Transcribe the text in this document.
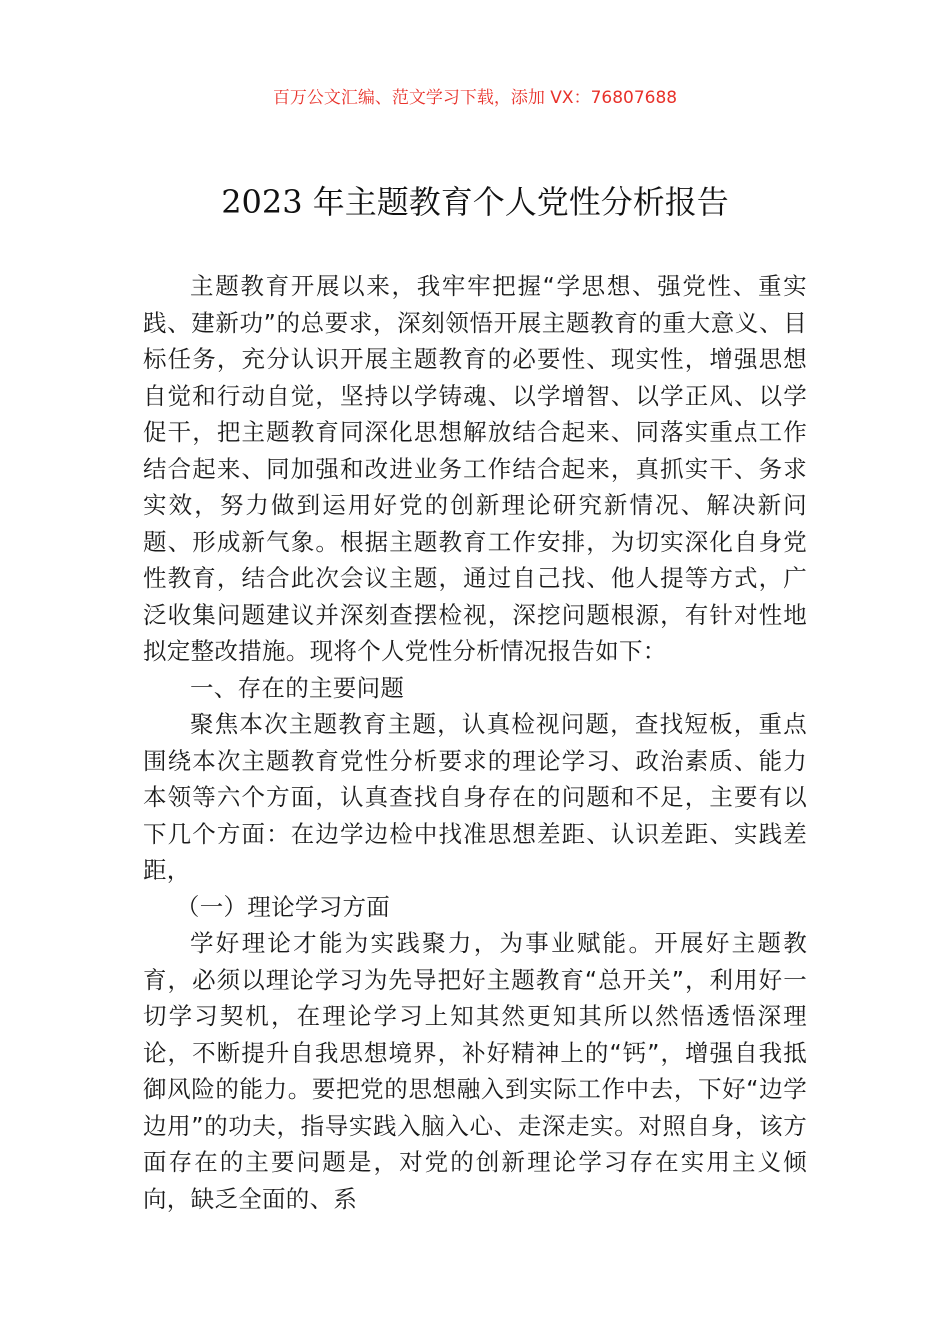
百万公文汇编、范文学习下载，添加 VX：76807688
2023 年主题教育个人党性分析报告

主题教育开展以来，我牢牢把握“学思想、强党性、重实践、建新功”的总要求，深刻领悟开展主题教育的重大意义、目标任务，充分认识开展主题教育的必要性、现实性，增强思想自觉和行动自觉，坚持以学铸魂、以学增智、以学正风、以学促干，把主题教育同深化思想解放结合起来、同落实重点工作结合起来、同加强和改进业务工作结合起来，真抓实干、务求实效，努力做到运用好党的创新理论研究新情况、解决新问题、形成新气象。根据主题教育工作安排，为切实深化自身党性教育，结合此次会议主题，通过自己找、他人提等方式，广泛收集问题建议并深刻查摆检视，深挖问题根源，有针对性地拟定整改措施。现将个人党性分析情况报告如下：

一、存在的主要问题

聚焦本次主题教育主题，认真检视问题，查找短板，重点围绕本次主题教育党性分析要求的理论学习、政治素质、能力本领等六个方面，认真查找自身存在的问题和不足，主要有以下几个方面：在边学边检中找准思想差距、认识差距、实践差距，

（一）理论学习方面

学好理论才能为实践聚力，为事业赋能。开展好主题教育，必须以理论学习为先导把好主题教育“总开关”，利用好一切学习契机，在理论学习上知其然更知其所以然悟透悟深理论，不断提升自我思想境界，补好精神上的“钙”，增强自我抵御风险的能力。要把党的思想融入到实际工作中去，下好“边学边用”的功夫，指导实践入脑入心、走深走实。对照自身，该方面存在的主要问题是，对党的创新理论学习存在实用主义倾向，缺乏全面的、系
